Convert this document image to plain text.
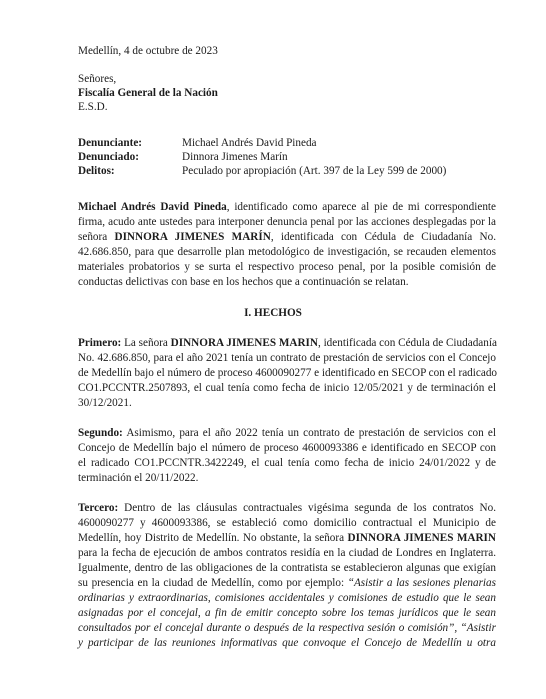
Medellín, 4 de octubre de 2023
Señores,
Fiscalía General de la Nación
E.S.D.
Denunciante:	Michael Andrés David Pineda
Denunciado:	Dinnora Jimenes Marín
Delitos:	Peculado por apropiación (Art. 397 de la Ley 599 de 2000)
Michael Andrés David Pineda, identificado como aparece al pie de mi correspondiente
firma, acudo ante ustedes para interponer denuncia penal por las acciones desplegadas por la
señora DINNORA JIMENES MARÍN, identificada con Cédula de Ciudadanía No.
42.686.850, para que desarrolle plan metodológico de investigación, se recauden elementos
materiales probatorios y se surta el respectivo proceso penal, por la posible comisión de
conductas delictivas con base en los hechos que a continuación se relatan.
I. HECHOS
Primero: La señora DINNORA JIMENES MARIN, identificada con Cédula de Ciudadanía
No. 42.686.850, para el año 2021 tenía un contrato de prestación de servicios con el Concejo
de Medellín bajo el número de proceso 4600090277 e identificado en SECOP con el radicado
CO1.PCCNTR.2507893, el cual tenía como fecha de inicio 12/05/2021 y de terminación el
30/12/2021.
Segundo: Asimismo, para el año 2022 tenía un contrato de prestación de servicios con el
Concejo de Medellín bajo el número de proceso 4600093386 e identificado en SECOP con
el radicado CO1.PCCNTR.3422249, el cual tenía como fecha de inicio 24/01/2022 y de
terminación el 20/11/2022.
Tercero: Dentro de las cláusulas contractuales vigésima segunda de los contratos No.
4600090277 y 4600093386, se estableció como domicilio contractual el Municipio de
Medellín, hoy Distrito de Medellín. No obstante, la señora DINNORA JIMENES MARIN
para la fecha de ejecución de ambos contratos residía en la ciudad de Londres en Inglaterra.
Igualmente, dentro de las obligaciones de la contratista se establecieron algunas que exigían
su presencia en la ciudad de Medellín, como por ejemplo: “Asistir a las sesiones plenarias
ordinarias y extraordinarias, comisiones accidentales y comisiones de estudio que le sean
asignadas por el concejal, a fin de emitir concepto sobre los temas jurídicos que le sean
consultados por el concejal durante o después de la respectiva sesión o comisión”, “Asistir
y participar de las reuniones informativas que convoque el Concejo de Medellín u otra
